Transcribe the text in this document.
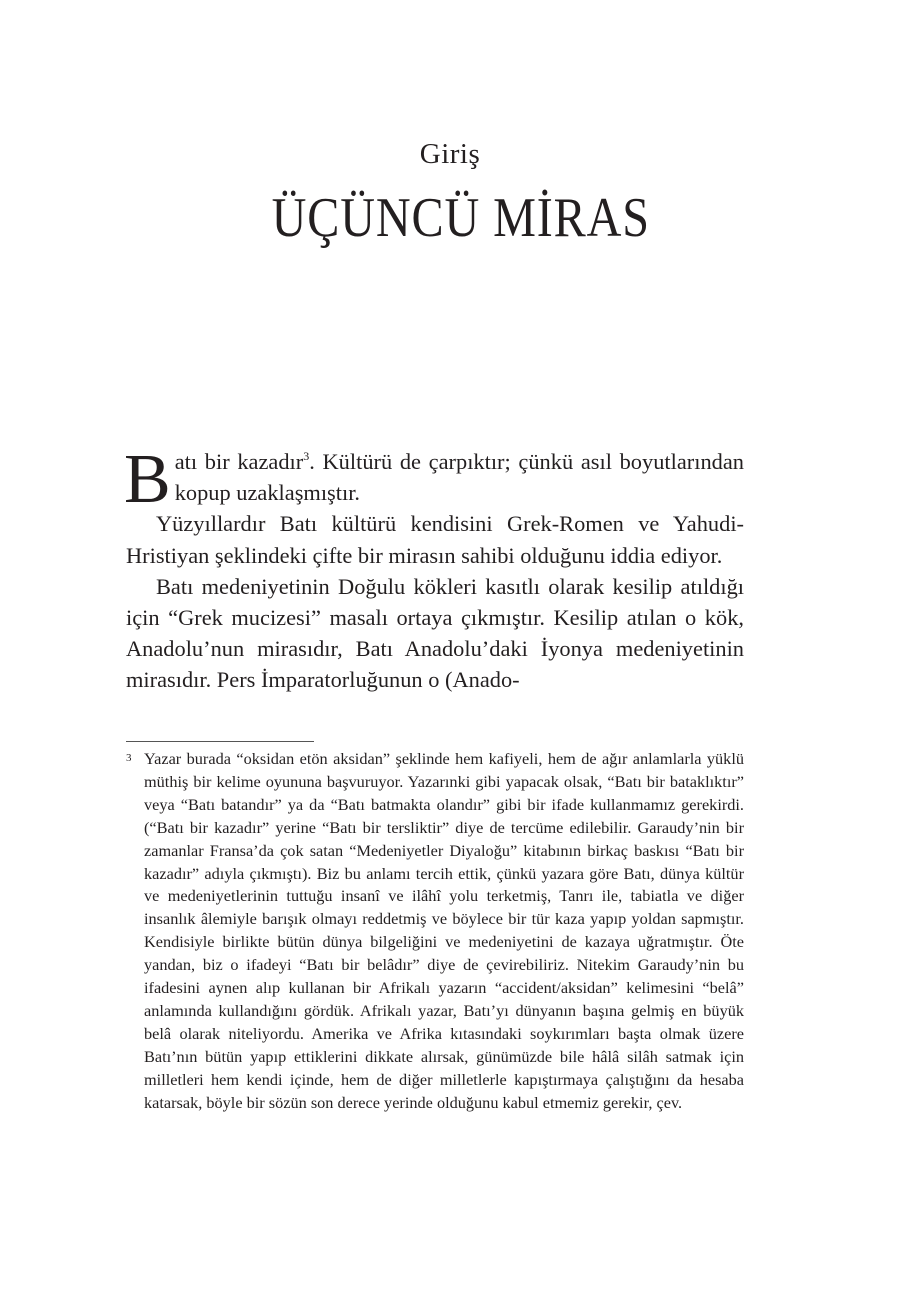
Giriş
ÜÇÜNCÜ MİRAS

Batı bir kazadır$^3$. Kültürü de çarpıktır; çünkü asıl boyutlarından kopup uzaklaşmıştır.

Yüzyıllardır Batı kültürü kendisini Grek-Romen ve Yahudi-Hristiyan şeklindeki çifte bir mirasın sahibi olduğunu iddia ediyor.

Batı medeniyetinin Doğulu kökleri kasıtlı olarak kesilip atıldığı için “Grek mucizesi” masalı ortaya çıkmıştır. Kesilip atılan o kök, Anadolu’nun mirasıdır, Batı Anadolu’daki İyonya medeniyetinin mirasıdır. Pers İmparatorluğunun o (Anado-

3 Yazar burada “oksidan etön aksidan” şeklinde hem kafiyeli, hem de ağır anlamlarla yüklü müthiş bir kelime oyununa başvuruyor. Yazarınki gibi yapacak olsak, “Batı bir bataklıktır” veya “Batı batandır” ya da “Batı batmakta olandır” gibi bir ifade kullanmamız gerekirdi. (“Batı bir kazadır” yerine “Batı bir tersliktir” diye de tercüme edilebilir. Garaudy’nin bir zamanlar Fransa’da çok satan “Medeniyetler Diyaloğu” kitabının birkaç baskısı “Batı bir kazadır” adıyla çıkmıştı). Biz bu anlamı tercih ettik, çünkü yazara göre Batı, dünya kültür ve medeniyetlerinin tuttuğu insanî ve ilâhî yolu terketmiş, Tanrı ile, tabiatla ve diğer insanlık âlemiyle barışık olmayı reddetmiş ve böylece bir tür kaza yapıp yoldan sapmıştır. Kendisiyle birlikte bütün dünya bilgeliğini ve medeniyetini de kazaya uğratmıştır. Öte yandan, biz o ifadeyi “Batı bir belâdır” diye de çevirebiliriz. Nitekim Garaudy’nin bu ifadesini aynen alıp kullanan bir Afrikalı yazarın “accident/aksidan” kelimesini “belâ” anlamında kullandığını gördük. Afrikalı yazar, Batı’yı dünyanın başına gelmiş en büyük belâ olarak niteliyordu. Amerika ve Afrika kıtasındaki soykırımları başta olmak üzere Batı’nın bütün yapıp ettiklerini dikkate alırsak, günümüzde bile hâlâ silâh satmak için milletleri hem kendi içinde, hem de diğer milletlerle kapıştırmaya çalıştığını da hesaba katarsak, böyle bir sözün son derece yerinde olduğunu kabul etmemiz gerekir, çev.
